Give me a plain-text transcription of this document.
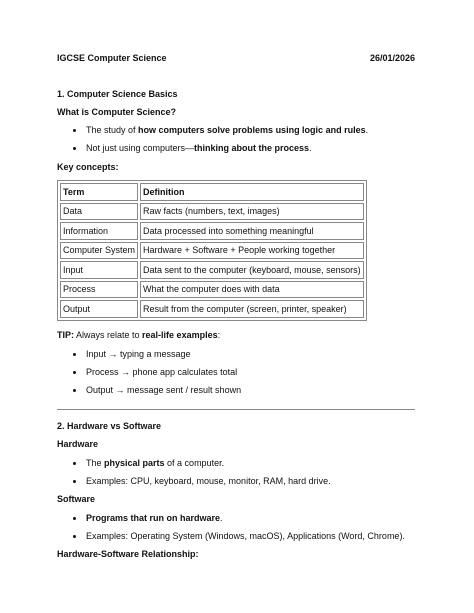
IGCSE Computer Science	26/01/2026
1. Computer Science Basics
What is Computer Science?
The study of how computers solve problems using logic and rules.
Not just using computers—thinking about the process.
Key concepts:
Term	Definition
Data	Raw facts (numbers, text, images)
Information	Data processed into something meaningful
Computer System	Hardware + Software + People working together
Input	Data sent to the computer (keyboard, mouse, sensors)
Process	What the computer does with data
Output	Result from the computer (screen, printer, speaker)
TIP: Always relate to real-life examples:
Input → typing a message
Process → phone app calculates total
Output → message sent / result shown
2. Hardware vs Software
Hardware
The physical parts of a computer.
Examples: CPU, keyboard, mouse, monitor, RAM, hard drive.
Software
Programs that run on hardware.
Examples: Operating System (Windows, macOS), Applications (Word, Chrome).
Hardware-Software Relationship:
